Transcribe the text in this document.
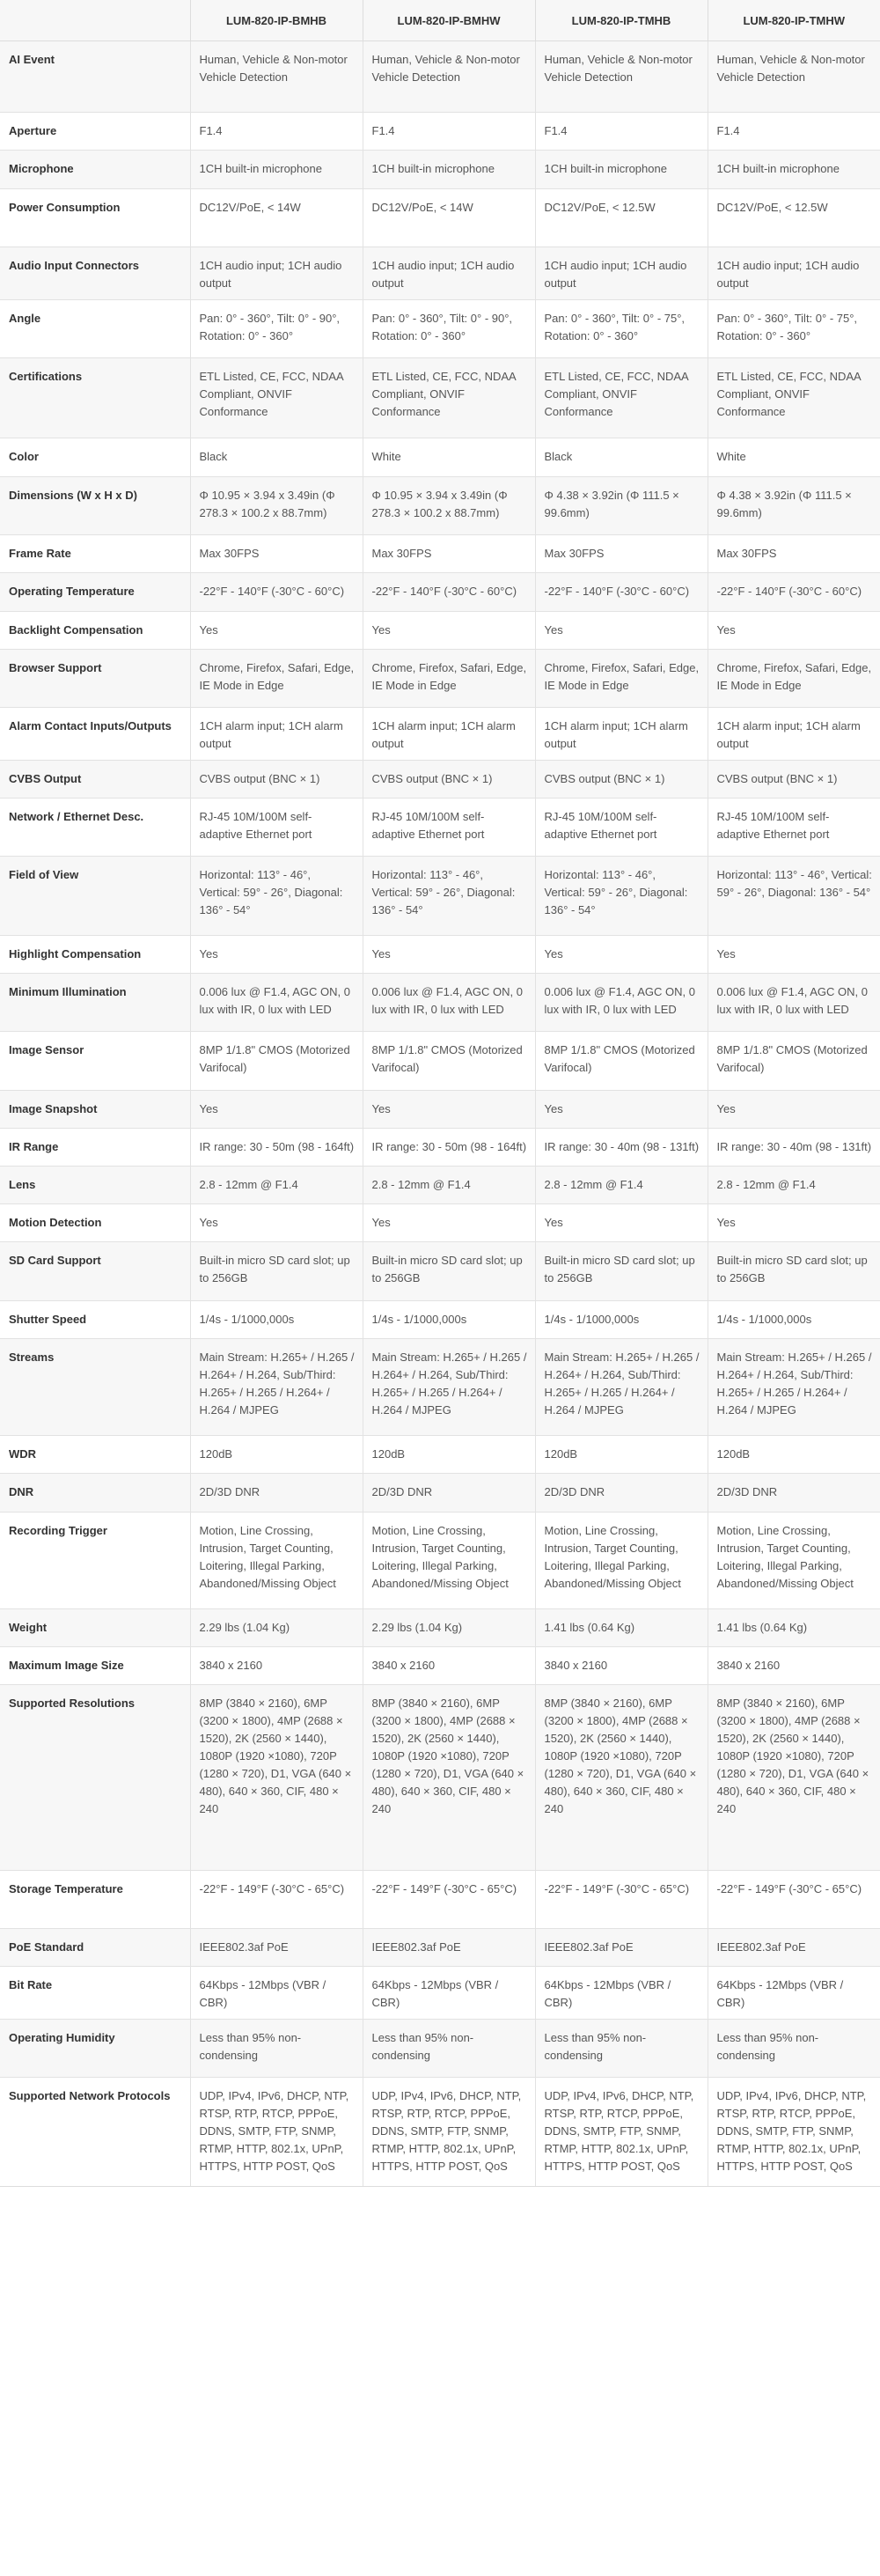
	LUM-820-IP-BMHB	LUM-820-IP-BMHW	LUM-820-IP-TMHB	LUM-820-IP-TMHW
AI Event	Human, Vehicle & Non-motor Vehicle Detection	Human, Vehicle & Non-motor Vehicle Detection	Human, Vehicle & Non-motor Vehicle Detection	Human, Vehicle & Non-motor Vehicle Detection
Aperture	F1.4	F1.4	F1.4	F1.4
Microphone	1CH built-in microphone	1CH built-in microphone	1CH built-in microphone	1CH built-in microphone
Power Consumption	DC12V/PoE, < 14W	DC12V/PoE, < 14W	DC12V/PoE, < 12.5W	DC12V/PoE, < 12.5W
Audio Input Connectors	1CH audio input; 1CH audio output	1CH audio input; 1CH audio output	1CH audio input; 1CH audio output	1CH audio input; 1CH audio output
Angle	Pan: 0° - 360°, Tilt: 0° - 90°, Rotation: 0° - 360°	Pan: 0° - 360°, Tilt: 0° - 90°, Rotation: 0° - 360°	Pan: 0° - 360°, Tilt: 0° - 75°, Rotation: 0° - 360°	Pan: 0° - 360°, Tilt: 0° - 75°, Rotation: 0° - 360°
Certifications	ETL Listed, CE, FCC, NDAA Compliant, ONVIF Conformance	ETL Listed, CE, FCC, NDAA Compliant, ONVIF Conformance	ETL Listed, CE, FCC, NDAA Compliant, ONVIF Conformance	ETL Listed, CE, FCC, NDAA Compliant, ONVIF Conformance
Color	Black	White	Black	White
Dimensions (W x H x D)	Φ 10.95 × 3.94 x 3.49in (Φ 278.3 × 100.2 x 88.7mm)	Φ 10.95 × 3.94 x 3.49in (Φ 278.3 × 100.2 x 88.7mm)	Φ 4.38 × 3.92in (Φ 111.5 × 99.6mm)	Φ 4.38 × 3.92in (Φ 111.5 × 99.6mm)
Frame Rate	Max 30FPS	Max 30FPS	Max 30FPS	Max 30FPS
Operating Temperature	-22°F - 140°F (-30°C - 60°C)	-22°F - 140°F (-30°C - 60°C)	-22°F - 140°F (-30°C - 60°C)	-22°F - 140°F (-30°C - 60°C)
Backlight Compensation	Yes	Yes	Yes	Yes
Browser Support	Chrome, Firefox, Safari, Edge, IE Mode in Edge	Chrome, Firefox, Safari, Edge, IE Mode in Edge	Chrome, Firefox, Safari, Edge, IE Mode in Edge	Chrome, Firefox, Safari, Edge, IE Mode in Edge
Alarm Contact Inputs/Outputs	1CH alarm input; 1CH alarm output	1CH alarm input; 1CH alarm output	1CH alarm input; 1CH alarm output	1CH alarm input; 1CH alarm output
CVBS Output	CVBS output (BNC × 1)	CVBS output (BNC × 1)	CVBS output (BNC × 1)	CVBS output (BNC × 1)
Network / Ethernet Desc.	RJ-45 10M/100M self-adaptive Ethernet port	RJ-45 10M/100M self-adaptive Ethernet port	RJ-45 10M/100M self-adaptive Ethernet port	RJ-45 10M/100M self-adaptive Ethernet port
Field of View	Horizontal: 113° - 46°, Vertical: 59° - 26°, Diagonal: 136° - 54°	Horizontal: 113° - 46°, Vertical: 59° - 26°, Diagonal: 136° - 54°	Horizontal: 113° - 46°, Vertical: 59° - 26°, Diagonal: 136° - 54°	Horizontal: 113° - 46°, Vertical: 59° - 26°, Diagonal: 136° - 54°
Highlight Compensation	Yes	Yes	Yes	Yes
Minimum Illumination	0.006 lux @ F1.4, AGC ON, 0 lux with IR, 0 lux with LED	0.006 lux @ F1.4, AGC ON, 0 lux with IR, 0 lux with LED	0.006 lux @ F1.4, AGC ON, 0 lux with IR, 0 lux with LED	0.006 lux @ F1.4, AGC ON, 0 lux with IR, 0 lux with LED
Image Sensor	8MP 1/1.8" CMOS (Motorized Varifocal)	8MP 1/1.8" CMOS (Motorized Varifocal)	8MP 1/1.8" CMOS (Motorized Varifocal)	8MP 1/1.8" CMOS (Motorized Varifocal)
Image Snapshot	Yes	Yes	Yes	Yes
IR Range	IR range: 30 - 50m (98 - 164ft)	IR range: 30 - 50m (98 - 164ft)	IR range: 30 - 40m (98 - 131ft)	IR range: 30 - 40m (98 - 131ft)
Lens	2.8 - 12mm @ F1.4	2.8 - 12mm @ F1.4	2.8 - 12mm @ F1.4	2.8 - 12mm @ F1.4
Motion Detection	Yes	Yes	Yes	Yes
SD Card Support	Built-in micro SD card slot; up to 256GB	Built-in micro SD card slot; up to 256GB	Built-in micro SD card slot; up to 256GB	Built-in micro SD card slot; up to 256GB
Shutter Speed	1/4s - 1/1000,000s	1/4s - 1/1000,000s	1/4s - 1/1000,000s	1/4s - 1/1000,000s
Streams	Main Stream: H.265+ / H.265 / H.264+ / H.264, Sub/Third: H.265+ / H.265 / H.264+ / H.264 / MJPEG	Main Stream: H.265+ / H.265 / H.264+ / H.264, Sub/Third: H.265+ / H.265 / H.264+ / H.264 / MJPEG	Main Stream: H.265+ / H.265 / H.264+ / H.264, Sub/Third: H.265+ / H.265 / H.264+ / H.264 / MJPEG	Main Stream: H.265+ / H.265 / H.264+ / H.264, Sub/Third: H.265+ / H.265 / H.264+ / H.264 / MJPEG
WDR	120dB	120dB	120dB	120dB
DNR	2D/3D DNR	2D/3D DNR	2D/3D DNR	2D/3D DNR
Recording Trigger	Motion, Line Crossing, Intrusion, Target Counting, Loitering, Illegal Parking, Abandoned/Missing Object	Motion, Line Crossing, Intrusion, Target Counting, Loitering, Illegal Parking, Abandoned/Missing Object	Motion, Line Crossing, Intrusion, Target Counting, Loitering, Illegal Parking, Abandoned/Missing Object	Motion, Line Crossing, Intrusion, Target Counting, Loitering, Illegal Parking, Abandoned/Missing Object
Weight	2.29 lbs (1.04 Kg)	2.29 lbs (1.04 Kg)	1.41 lbs (0.64 Kg)	1.41 lbs (0.64 Kg)
Maximum Image Size	3840 x 2160	3840 x 2160	3840 x 2160	3840 x 2160
Supported Resolutions	8MP (3840 × 2160), 6MP (3200 × 1800), 4MP (2688 × 1520), 2K (2560 × 1440), 1080P (1920 ×1080), 720P (1280 × 720), D1, VGA (640 × 480), 640 × 360, CIF, 480 × 240	8MP (3840 × 2160), 6MP (3200 × 1800), 4MP (2688 × 1520), 2K (2560 × 1440), 1080P (1920 ×1080), 720P (1280 × 720), D1, VGA (640 × 480), 640 × 360, CIF, 480 × 240	8MP (3840 × 2160), 6MP (3200 × 1800), 4MP (2688 × 1520), 2K (2560 × 1440), 1080P (1920 ×1080), 720P (1280 × 720), D1, VGA (640 × 480), 640 × 360, CIF, 480 × 240	8MP (3840 × 2160), 6MP (3200 × 1800), 4MP (2688 × 1520), 2K (2560 × 1440), 1080P (1920 ×1080), 720P (1280 × 720), D1, VGA (640 × 480), 640 × 360, CIF, 480 × 240
Storage Temperature	-22°F - 149°F (-30°C - 65°C)	-22°F - 149°F (-30°C - 65°C)	-22°F - 149°F (-30°C - 65°C)	-22°F - 149°F (-30°C - 65°C)
PoE Standard	IEEE802.3af PoE	IEEE802.3af PoE	IEEE802.3af PoE	IEEE802.3af PoE
Bit Rate	64Kbps - 12Mbps (VBR / CBR)	64Kbps - 12Mbps (VBR / CBR)	64Kbps - 12Mbps (VBR / CBR)	64Kbps - 12Mbps (VBR / CBR)
Operating Humidity	Less than 95% non-condensing	Less than 95% non-condensing	Less than 95% non-condensing	Less than 95% non-condensing
Supported Network Protocols	UDP, IPv4, IPv6, DHCP, NTP, RTSP, RTP, RTCP, PPPoE, DDNS, SMTP, FTP, SNMP, RTMP, HTTP, 802.1x, UPnP, HTTPS, HTTP POST, QoS	UDP, IPv4, IPv6, DHCP, NTP, RTSP, RTP, RTCP, PPPoE, DDNS, SMTP, FTP, SNMP, RTMP, HTTP, 802.1x, UPnP, HTTPS, HTTP POST, QoS	UDP, IPv4, IPv6, DHCP, NTP, RTSP, RTP, RTCP, PPPoE, DDNS, SMTP, FTP, SNMP, RTMP, HTTP, 802.1x, UPnP, HTTPS, HTTP POST, QoS	UDP, IPv4, IPv6, DHCP, NTP, RTSP, RTP, RTCP, PPPoE, DDNS, SMTP, FTP, SNMP, RTMP, HTTP, 802.1x, UPnP, HTTPS, HTTP POST, QoS
